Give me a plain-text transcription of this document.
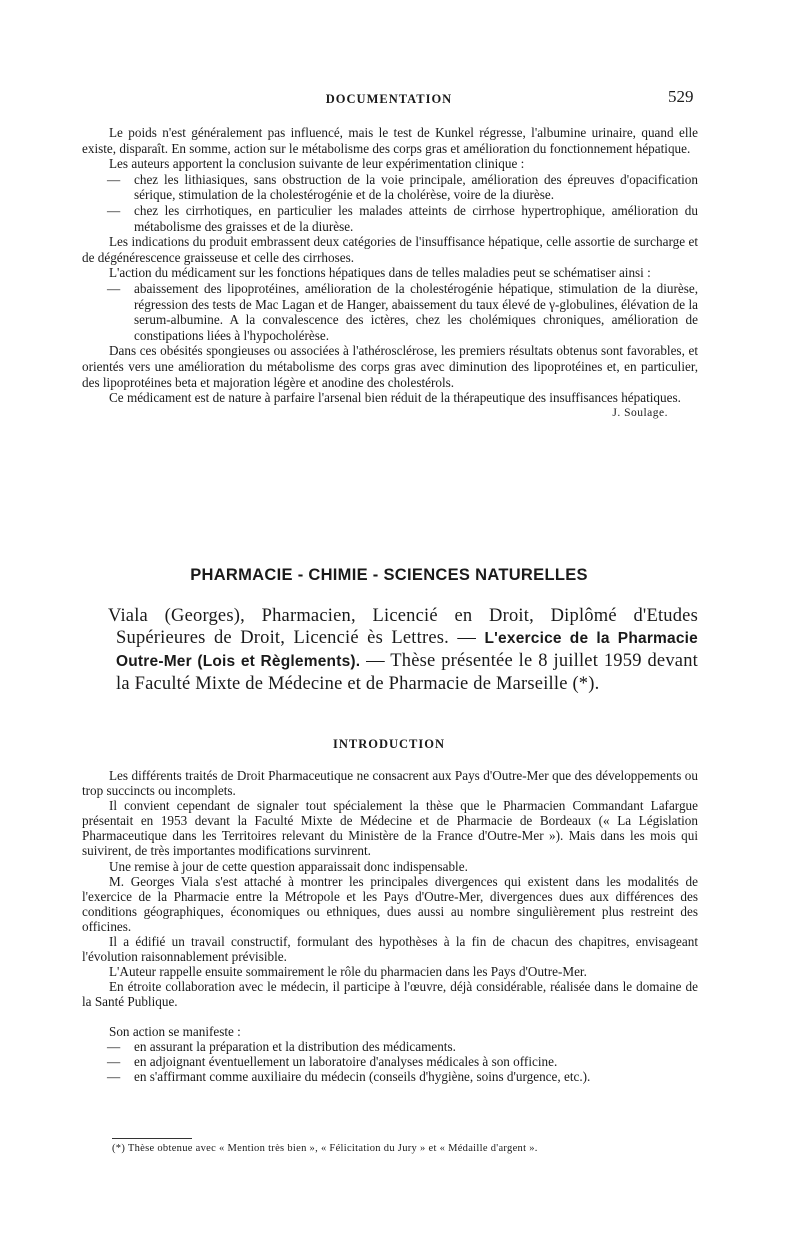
DOCUMENTATION	529

Le poids n'est généralement pas influencé, mais le test de Kunkel régresse, l'albumine urinaire, quand elle existe, disparaît. En somme, action sur le métabolisme des corps gras et amélioration du fonctionnement hépatique.

Les auteurs apportent la conclusion suivante de leur expérimentation clinique :

—	chez les lithiasiques, sans obstruction de la voie principale, amélioration des épreuves d'opacification sérique, stimulation de la cholestérogénie et de la cholérèse, voire de la diurèse.
—	chez les cirrhotiques, en particulier les malades atteints de cirrhose hypertrophique, amélioration du métabolisme des graisses et de la diurèse.

Les indications du produit embrassent deux catégories de l'insuffisance hépatique, celle assortie de surcharge et de dégénérescence graisseuse et celle des cirrhoses.

L'action du médicament sur les fonctions hépatiques dans de telles maladies peut se schématiser ainsi :

—	abaissement des lipoprotéines, amélioration de la cholestérogénie hépatique, stimulation de la diurèse, régression des tests de Mac Lagan et de Hanger, abaissement du taux élevé de γ-globulines, élévation de la serum-albumine. A la convalescence des ictères, chez les cholémiques chroniques, amélioration de constipations liées à l'hypocholérèse.

Dans ces obésités spongieuses ou associées à l'athérosclérose, les premiers résultats obtenus sont favorables, et orientés vers une amélioration du métabolisme des corps gras avec diminution des lipoprotéines et, en particulier, des lipoprotéines beta et majoration légère et anodine des cholestérols.

Ce médicament est de nature à parfaire l'arsenal bien réduit de la thérapeutique des insuffisances hépatiques.

J. Soulage.
PHARMACIE - CHIMIE - SCIENCES NATURELLES
Viala (Georges), Pharmacien, Licencié en Droit, Diplômé d'Etudes Supérieures de Droit, Licencié ès Lettres. — L'exercice de la Pharmacie Outre-Mer (Lois et Règlements). — Thèse présentée le 8 juillet 1959 devant la Faculté Mixte de Médecine et de Pharmacie de Marseille (*).
INTRODUCTION

Les différents traités de Droit Pharmaceutique ne consacrent aux Pays d'Outre-Mer que des développements ou trop succincts ou incomplets.

Il convient cependant de signaler tout spécialement la thèse que le Pharmacien Commandant Lafargue présentait en 1953 devant la Faculté Mixte de Médecine et de Pharmacie de Bordeaux (« La Législation Pharmaceutique dans les Territoires relevant du Ministère de la France d'Outre-Mer »). Mais dans les mois qui suivirent, de très importantes modifications survinrent.

Une remise à jour de cette question apparaissait donc indispensable.

M. Georges Viala s'est attaché à montrer les principales divergences qui existent dans les modalités de l'exercice de la Pharmacie entre la Métropole et les Pays d'Outre-Mer, divergences dues aux différences des conditions géographiques, économiques ou ethniques, dues aussi au nombre singulièrement plus restreint des officines.

Il a édifié un travail constructif, formulant des hypothèses à la fin de chacun des chapitres, envisageant l'évolution raisonnablement prévisible.

L'Auteur rappelle ensuite sommairement le rôle du pharmacien dans les Pays d'Outre-Mer.

En étroite collaboration avec le médecin, il participe à l'œuvre, déjà considérable, réalisée dans le domaine de la Santé Publique.

Son action se manifeste :

—	en assurant la préparation et la distribution des médicaments.
—	en adjoignant éventuellement un laboratoire d'analyses médicales à son officine.
—	en s'affirmant comme auxiliaire du médecin (conseils d'hygiène, soins d'urgence, etc.).
(*) Thèse obtenue avec « Mention très bien », « Félicitation du Jury » et « Médaille d'argent ».
